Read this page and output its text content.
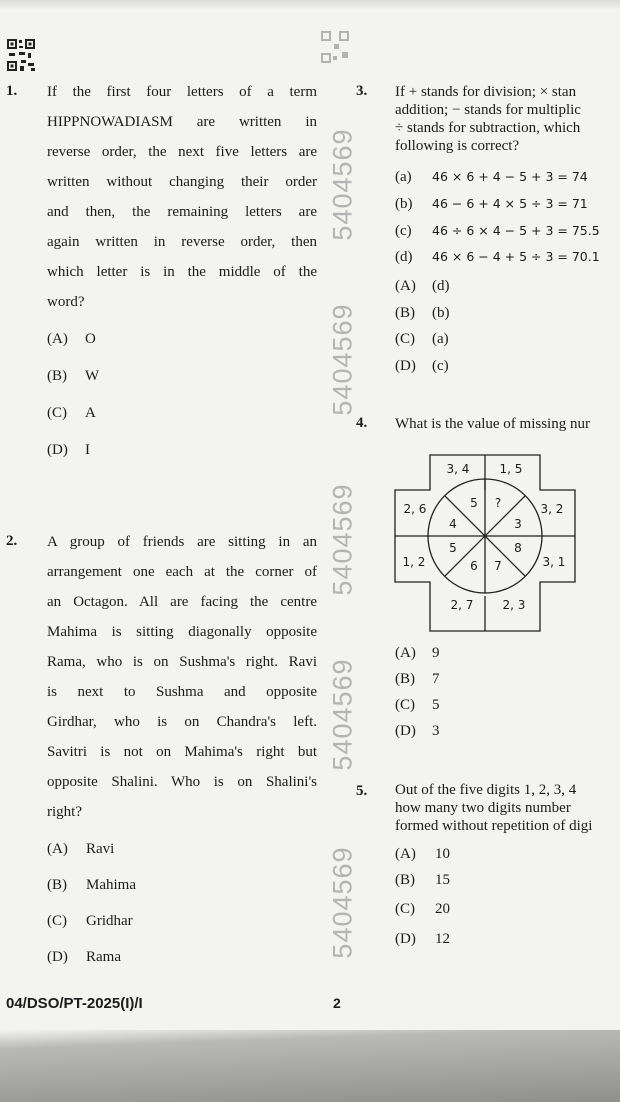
5404569
5404569
5404569
5404569
5404569
1. If the first four letters of a term
HIPPNOWADIASM are written in
reverse order, the next five letters are
written without changing their order
and then, the remaining letters are
again written in reverse order, then
which letter is in the middle of the
word?
(A) O
(B) W
(C) A
(D) I
2. A group of friends are sitting in an
arrangement one each at the corner of
an Octagon. All are facing the centre
Mahima is sitting diagonally opposite
Rama, who is on Sushma's right. Ravi
is next to Sushma and opposite
Girdhar, who is on Chandra's left.
Savitri is not on Mahima's right but
opposite Shalini. Who is on Shalini's
right?
(A) Ravi
(B) Mahima
(C) Gridhar
(D) Rama
3. If + stands for division; × stan
addition; − stands for multiplic
÷ stands for subtraction, which
following is correct?
(a) 46 × 6 + 4 − 5 + 3 = 74
(b) 46 − 6 + 4 × 5 ÷ 3 = 71
(c) 46 ÷ 6 × 4 − 5 + 3 = 75.5
(d) 46 × 6 − 4 + 5 ÷ 3 = 70.1
(A) (d)
(B) (b)
(C) (a)
(D) (c)
4. What is the value of missing nur
3, 4	1, 5
3, 2
3, 1
2, 3
2, 7
1, 2
2, 6	5 ?
3
8
7
6
5
4
(A) 9
(B) 7
(C) 5
(D) 3
5. Out of the five digits 1, 2, 3, 4
how many two digits number
formed without repetition of digi
(A) 10
(B) 15
(C) 20
(D) 12
04/DSO/PT-2025(I)/I	2
